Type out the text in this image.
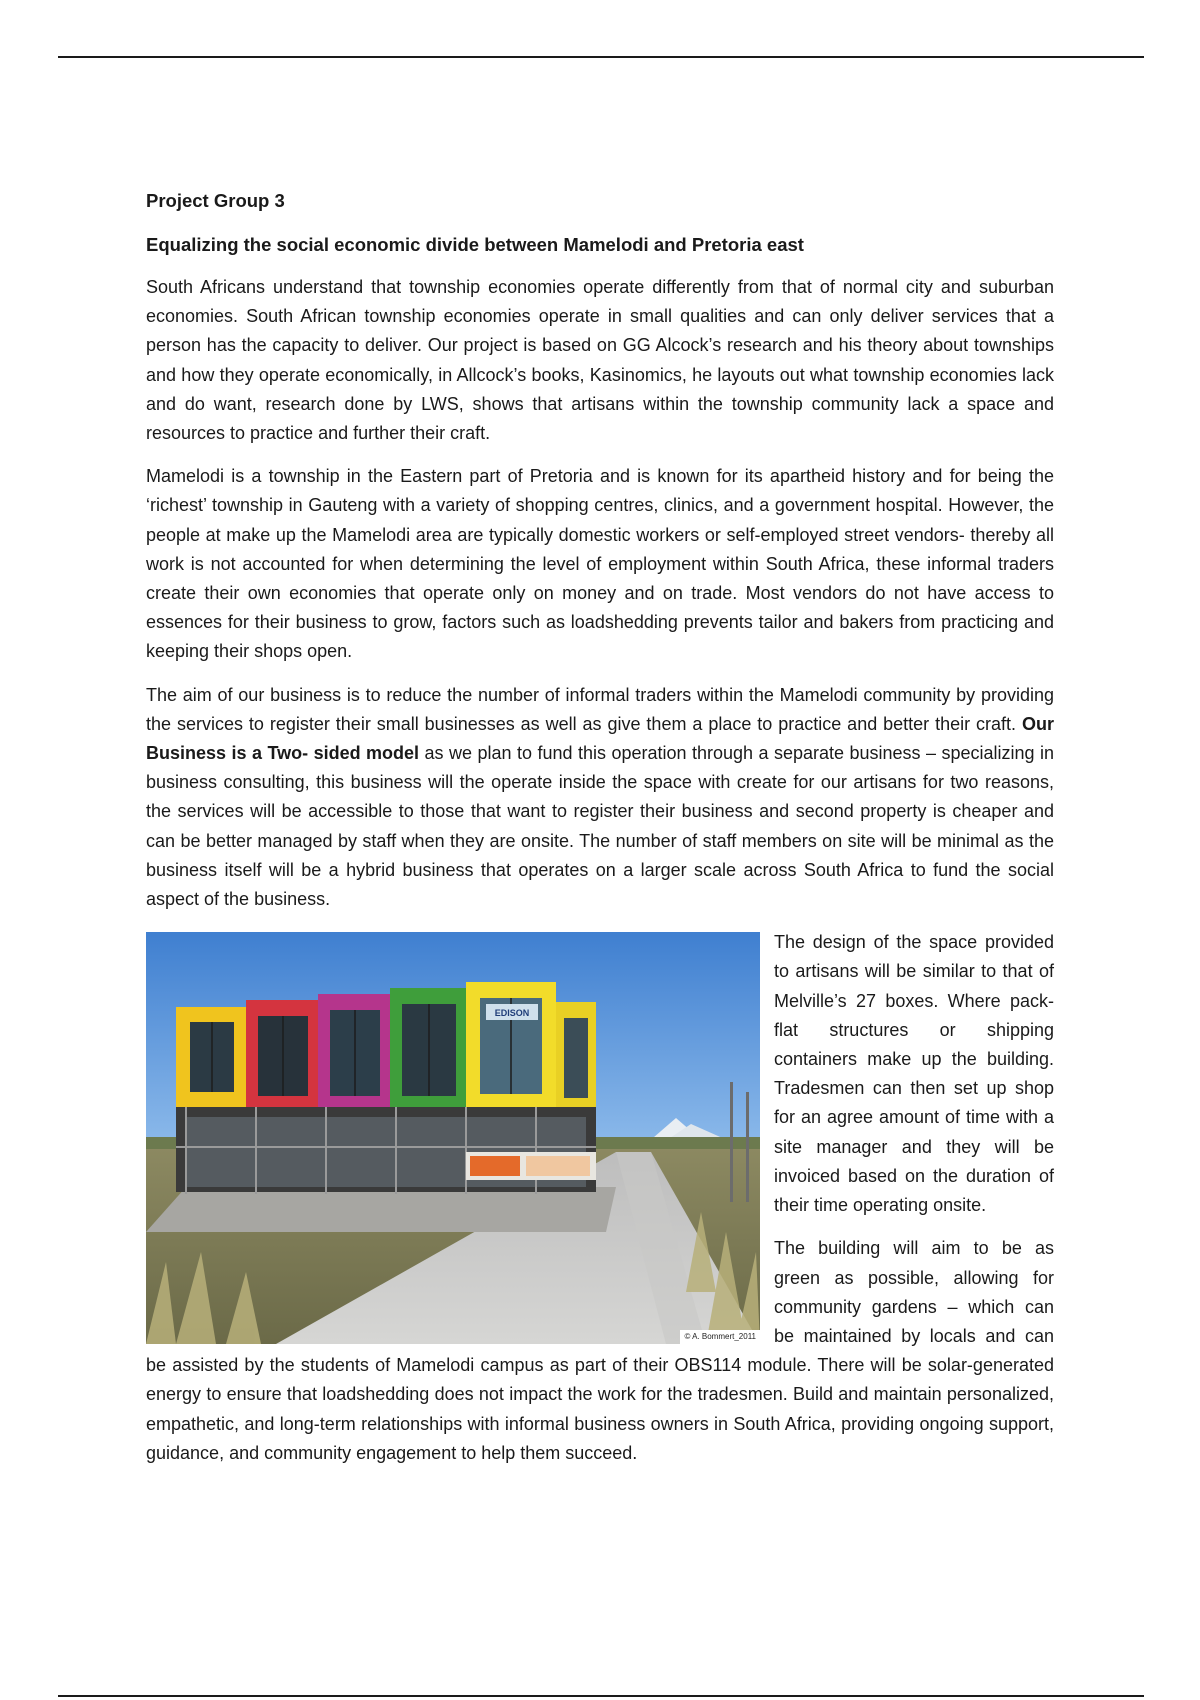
Project Group 3
Equalizing the social economic divide between Mamelodi and Pretoria east

South Africans understand that township economies operate differently from that of normal city and suburban economies. South African township economies operate in small qualities and can only deliver services that a person has the capacity to deliver. Our project is based on GG Alcock’s research and his theory about townships and how they operate economically, in Allcock’s books, Kasinomics, he layouts out what township economies lack and do want, research done by LWS, shows that artisans within the township community lack a space and resources to practice and further their craft.

Mamelodi is a township in the Eastern part of Pretoria and is known for its apartheid history and for being the ‘richest’ township in Gauteng with a variety of shopping centres, clinics, and a government hospital. However, the people at make up the Mamelodi area are typically domestic workers or self-employed street vendors- thereby all work is not accounted for when determining the level of employment within South Africa, these informal traders create their own economies that operate only on money and on trade. Most vendors do not have access to essences for their business to grow, factors such as loadshedding prevents tailor and bakers from practicing and keeping their shops open.

The aim of our business is to reduce the number of informal traders within the Mamelodi community by providing the services to register their small businesses as well as give them a place to practice and better their craft. Our Business is a Two- sided model as we plan to fund this operation through a separate business – specializing in business consulting, this business will the operate inside the space with create for our artisans for two reasons, the services will be accessible to those that want to register their business and second property is cheaper and can be better managed by staff when they are onsite. The number of staff members on site will be minimal as the business itself will be a hybrid business that operates on a larger scale across South Africa to fund the social aspect of the business.

EDISON
© A. Bommert_2011

The design of the space provided to artisans will be similar to that of Melville’s 27 boxes. Where pack-flat structures or shipping containers make up the building. Tradesmen can then set up shop for an agree amount of time with a site manager and they will be invoiced based on the duration of their time operating onsite.

The building will aim to be as green as possible, allowing for community gardens – which can be maintained by locals and can be assisted by the students of Mamelodi campus as part of their OBS114 module. There will be solar-generated energy to ensure that loadshedding does not impact the work for the tradesmen. Build and maintain personalized, empathetic, and long-term relationships with informal business owners in South Africa, providing ongoing support, guidance, and community engagement to help them succeed.
